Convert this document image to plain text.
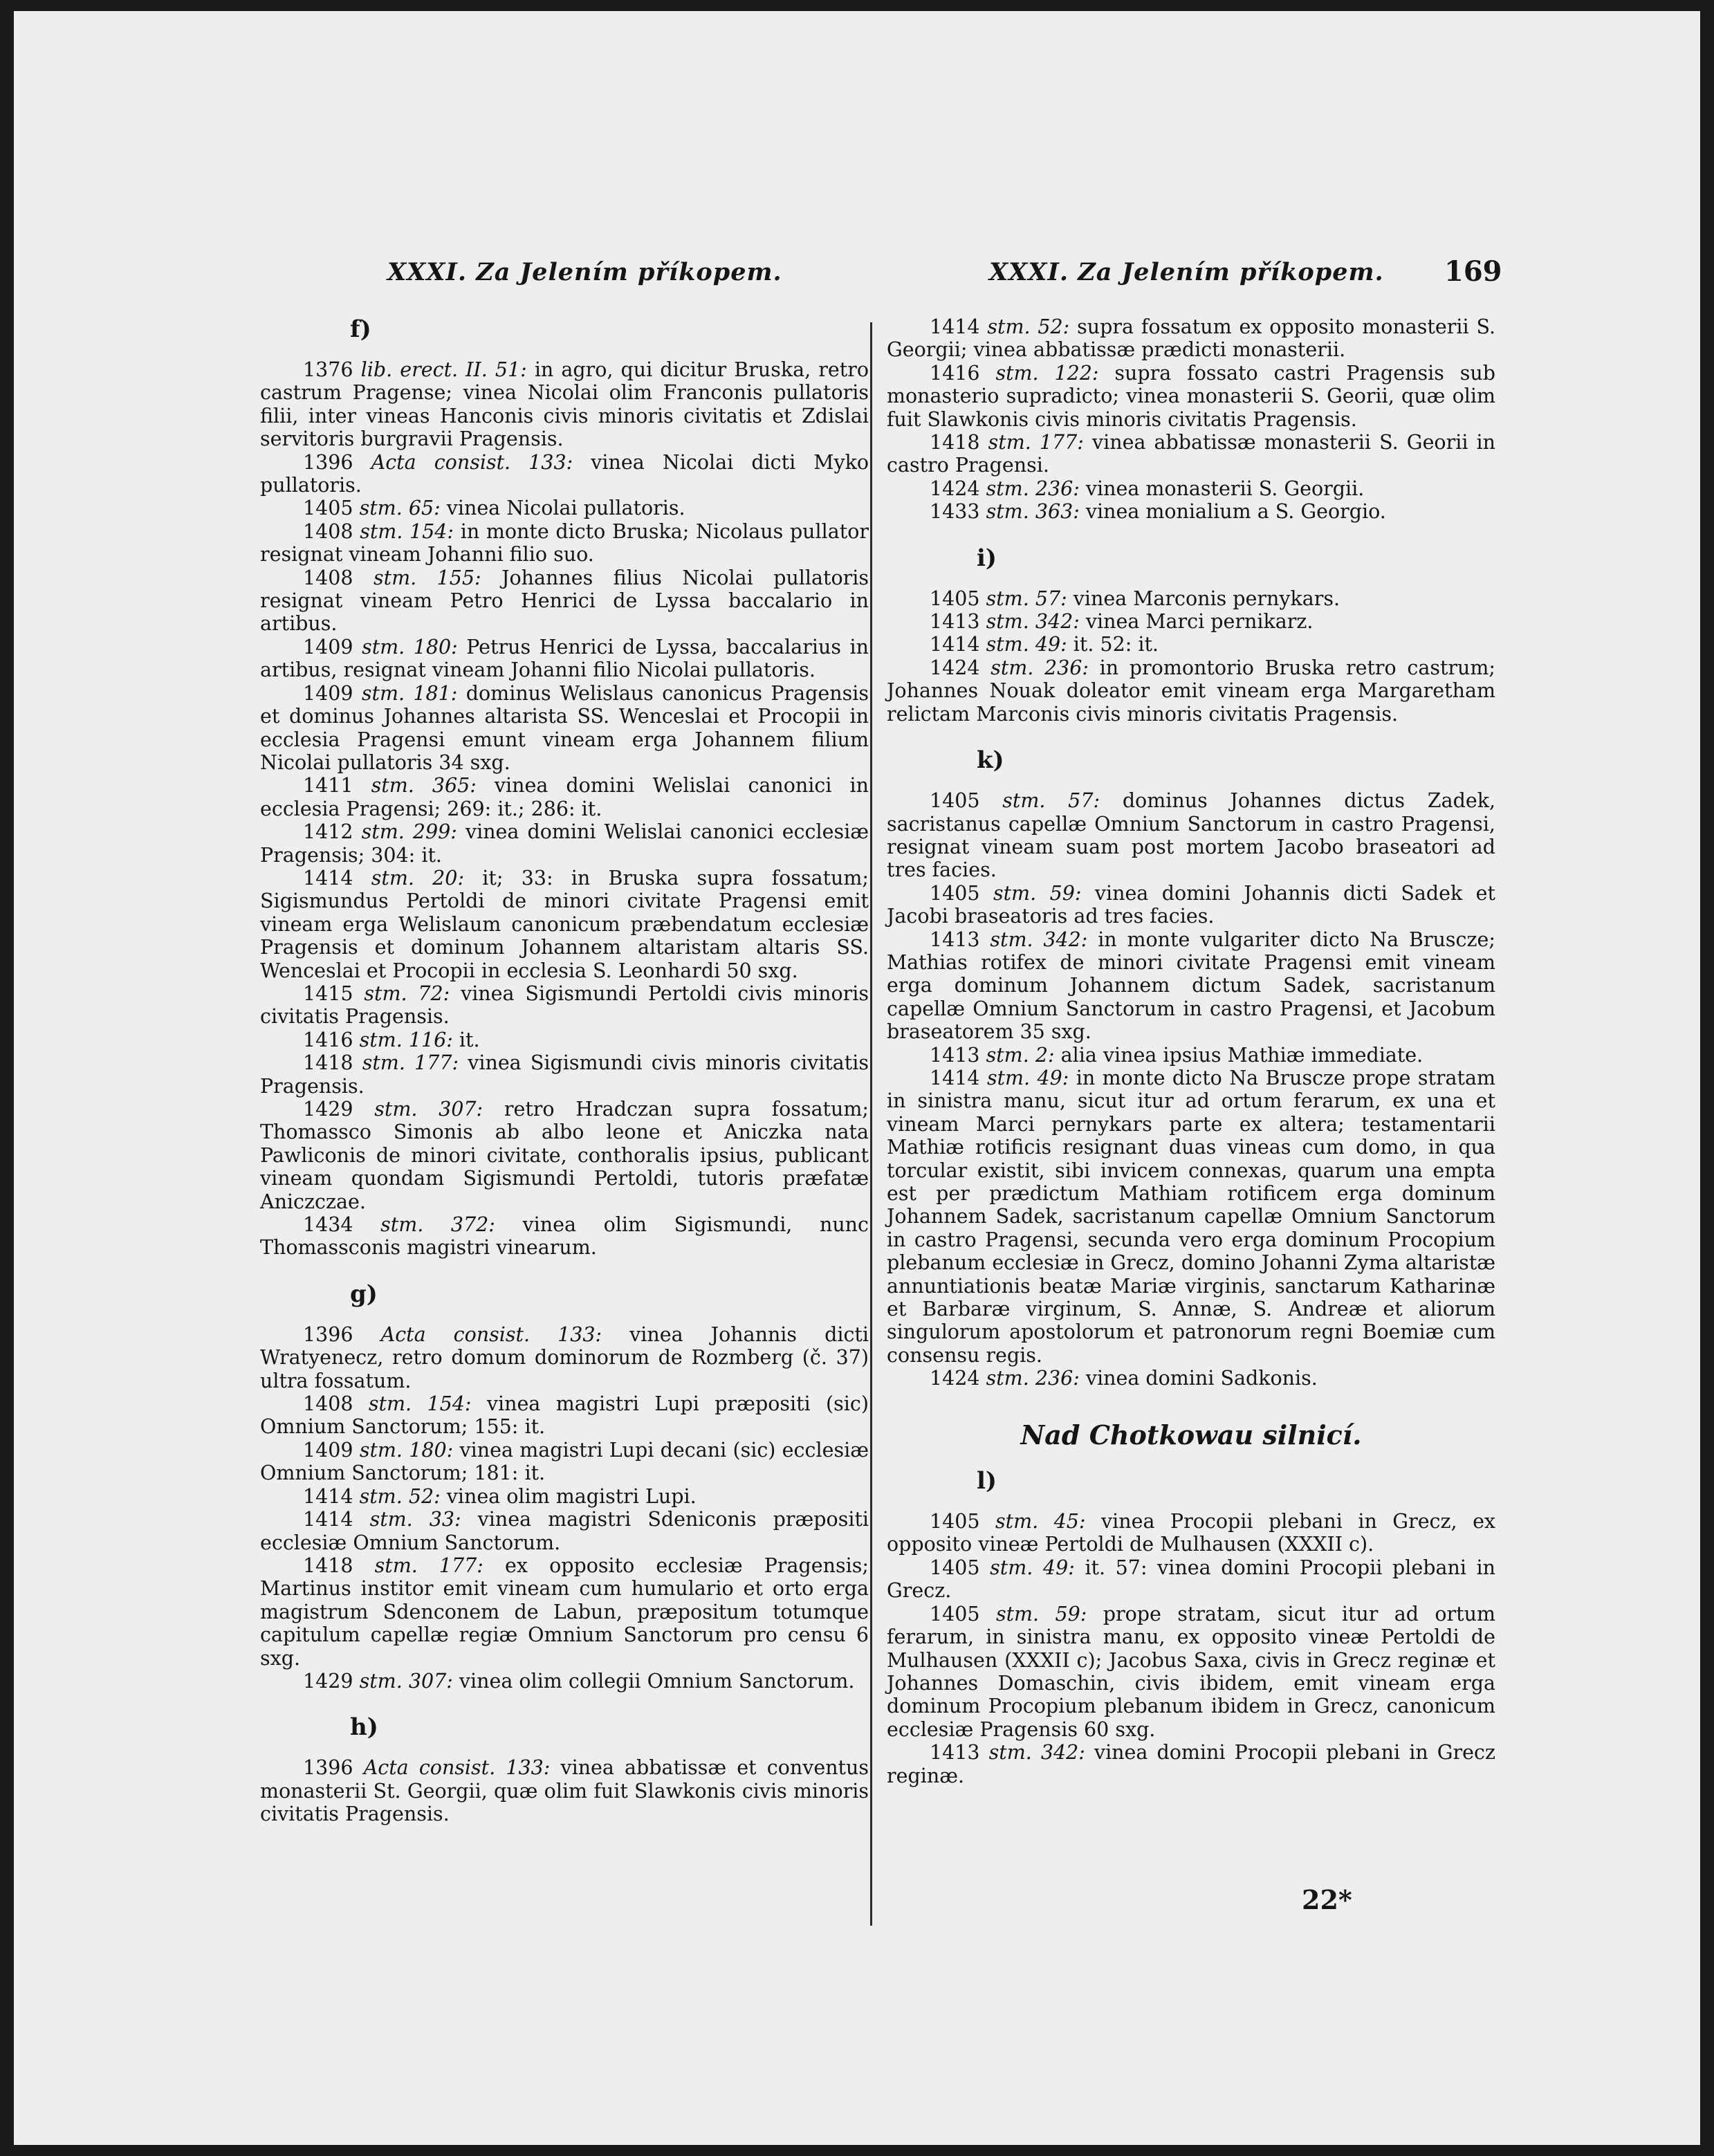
XXXI. Za Jelením příkopem.	XXXI. Za Jelením příkopem. 169
f)

1376 lib. erect. II. 51: in agro, qui dicitur Bruska, retro castrum Pragense; vinea Nicolai olim Franconis pullatoris filii, inter vineas Hanconis civis minoris civitatis et Zdislai servitoris burgravii Pragensis.

1396 Acta consist. 133: vinea Nicolai dicti Myko pullatoris.

1405 stm. 65: vinea Nicolai pullatoris.

1408 stm. 154: in monte dicto Bruska; Nicolaus pullator resignat vineam Johanni filio suo.

1408 stm. 155: Johannes filius Nicolai pullatoris resignat vineam Petro Henrici de Lyssa baccalario in artibus.

1409 stm. 180: Petrus Henrici de Lyssa, baccalarius in artibus, resignat vineam Johanni filio Nicolai pullatoris.

1409 stm. 181: dominus Welislaus canonicus Pragensis et dominus Johannes altarista SS. Wenceslai et Procopii in ecclesia Pragensi emunt vineam erga Johannem filium Nicolai pullatoris 34 sxg.

1411 stm. 365: vinea domini Welislai canonici in ecclesia Pragensi; 269: it.; 286: it.

1412 stm. 299: vinea domini Welislai canonici ecclesiæ Pragensis; 304: it.

1414 stm. 20: it; 33: in Bruska supra fossatum; Sigismundus Pertoldi de minori civitate Pragensi emit vineam erga Welislaum canonicum præbendatum ecclesiæ Pragensis et dominum Johannem altaristam altaris SS. Wenceslai et Procopii in ecclesia S. Leonhardi 50 sxg.

1415 stm. 72: vinea Sigismundi Pertoldi civis minoris civitatis Pragensis.

1416 stm. 116: it.

1418 stm. 177: vinea Sigismundi civis minoris civitatis Pragensis.

1429 stm. 307: retro Hradczan supra fossatum; Thomassco Simonis ab albo leone et Aniczka nata Pawliconis de minori civitate, conthoralis ipsius, publicant vineam quondam Sigismundi Pertoldi, tutoris præfatæ Aniczczae.

1434 stm. 372: vinea olim Sigismundi, nunc Thomassconis magistri vinearum.

g)

1396 Acta consist. 133: vinea Johannis dicti Wratyenecz, retro domum dominorum de Rozmberg (č. 37) ultra fossatum.

1408 stm. 154: vinea magistri Lupi præpositi (sic) Omnium Sanctorum; 155: it.

1409 stm. 180: vinea magistri Lupi decani (sic) ecclesiæ Omnium Sanctorum; 181: it.

1414 stm. 52: vinea olim magistri Lupi.

1414 stm. 33: vinea magistri Sdeniconis præpositi ecclesiæ Omnium Sanctorum.

1418 stm. 177: ex opposito ecclesiæ Pragensis; Martinus institor emit vineam cum humulario et orto erga magistrum Sdenconem de Labun, præpositum totumque capitulum capellæ regiæ Omnium Sanctorum pro censu 6 sxg.

1429 stm. 307: vinea olim collegii Omnium Sanctorum.

h)

1396 Acta consist. 133: vinea abbatissæ et conventus monasterii St. Georgii, quæ olim fuit Slawkonis civis minoris civitatis Pragensis.

1414 stm. 52: supra fossatum ex opposito monasterii S. Georgii; vinea abbatissæ prædicti monasterii.

1416 stm. 122: supra fossato castri Pragensis sub monasterio supradicto; vinea monasterii S. Georii, quæ olim fuit Slawkonis civis minoris civitatis Pragensis.

1418 stm. 177: vinea abbatissæ monasterii S. Georii in castro Pragensi.

1424 stm. 236: vinea monasterii S. Georgii.

1433 stm. 363: vinea monialium a S. Georgio.

i)

1405 stm. 57: vinea Marconis pernykars.

1413 stm. 342: vinea Marci pernikarz.

1414 stm. 49: it. 52: it.

1424 stm. 236: in promontorio Bruska retro castrum; Johannes Nouak doleator emit vineam erga Margaretham relictam Marconis civis minoris civitatis Pragensis.

k)

1405 stm. 57: dominus Johannes dictus Zadek, sacristanus capellæ Omnium Sanctorum in castro Pragensi, resignat vineam suam post mortem Jacobo braseatori ad tres facies.

1405 stm. 59: vinea domini Johannis dicti Sadek et Jacobi braseatoris ad tres facies.

1413 stm. 342: in monte vulgariter dicto Na Brusczе; Mathias rotifex de minori civitate Pragensi emit vineam erga dominum Johannem dictum Sadek, sacristanum capellæ Omnium Sanctorum in castro Pragensi, et Jacobum braseatorem 35 sxg.

1413 stm. 2: alia vinea ipsius Mathiæ immediate.

1414 stm. 49: in monte dicto Na Brusczе prope stratam in sinistra manu, sicut itur ad ortum ferarum, ex una et vineam Marci pernykars parte ex altera; testamentarii Mathiæ rotificis resignant duas vineas cum domo, in qua torcular existit, sibi invicem connexas, quarum una empta est per prædictum Mathiam rotificem erga dominum Johannem Sadek, sacristanum capellæ Omnium Sanctorum in castro Pragensi, secunda vero erga dominum Procopium plebanum ecclesiæ in Grecz, domino Johanni Zyma altaristæ annuntiationis beatæ Mariæ virginis, sanctarum Katharinæ et Barbaræ virginum, S. Annæ, S. Andreæ et aliorum singulorum apostolorum et patronorum regni Boemiæ cum consensu regis.

1424 stm. 236: vinea domini Sadkonis.

Nad Chotkowau silnicí.
l)

1405 stm. 45: vinea Procopii plebani in Grecz, ex opposito vineæ Pertoldi de Mulhausen (XXXII c).

1405 stm. 49: it. 57: vinea domini Procopii plebani in Grecz.

1405 stm. 59: prope stratam, sicut itur ad ortum ferarum, in sinistra manu, ex opposito vineæ Pertoldi de Mulhausen (XXXII c); Jacobus Saxa, civis in Grecz reginæ et Johannes Domaschin, civis ibidem, emit vineam erga dominum Procopium plebanum ibidem in Grecz, canonicum ecclesiæ Pragensis 60 sxg.

1413 stm. 342: vinea domini Procopii plebani in Grecz reginæ.

22*
